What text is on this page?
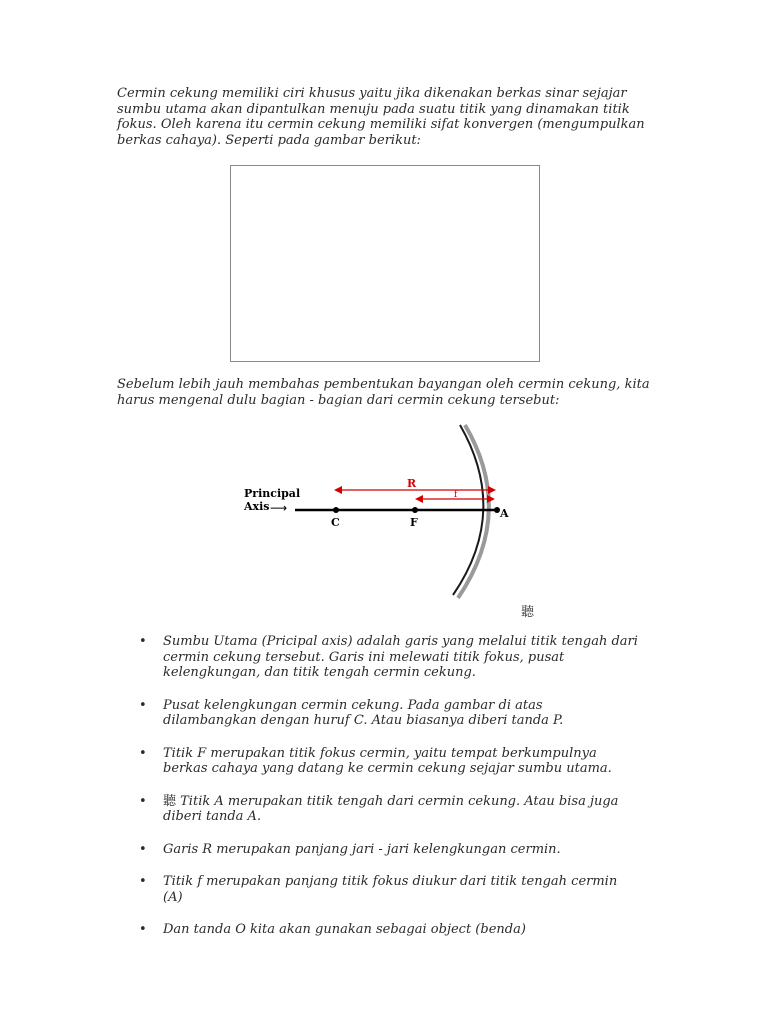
Cermin cekung memiliki ciri khusus yaitu jika dikenakan berkas sinar sejajar sumbu utama akan dipantulkan menuju pada suatu titik yang dinamakan titik fokus. Oleh karena itu cermin cekung memiliki sifat konvergen (mengumpulkan berkas cahaya). Seperti pada gambar berikut:

Sebelum lebih jauh membahas pembentukan bayangan oleh cermin cekung, kita harus mengenal dulu bagian - bagian dari cermin cekung tersebut:

Principal
Axis ⟶
C	F
A
R
f
聽
• Sumbu Utama (Pricipal axis) adalah garis yang melalui titik tengah dari cermin cekung tersebut. Garis ini melewati titik fokus, pusat kelengkungan, dan titik tengah cermin cekung.
• Pusat kelengkungan cermin cekung. Pada gambar di atas dilambangkan dengan huruf C. Atau biasanya diberi tanda P.
• Titik F merupakan titik fokus cermin, yaitu tempat berkumpulnya berkas cahaya yang datang ke cermin cekung sejajar sumbu utama.
• 聽 Titik A merupakan titik tengah dari cermin cekung. Atau bisa juga diberi tanda A.
• Garis R merupakan panjang jari - jari kelengkungan cermin.
• Titik f merupakan panjang titik fokus diukur dari titik tengah cermin (A)
• Dan tanda O kita akan gunakan sebagai object (benda)
